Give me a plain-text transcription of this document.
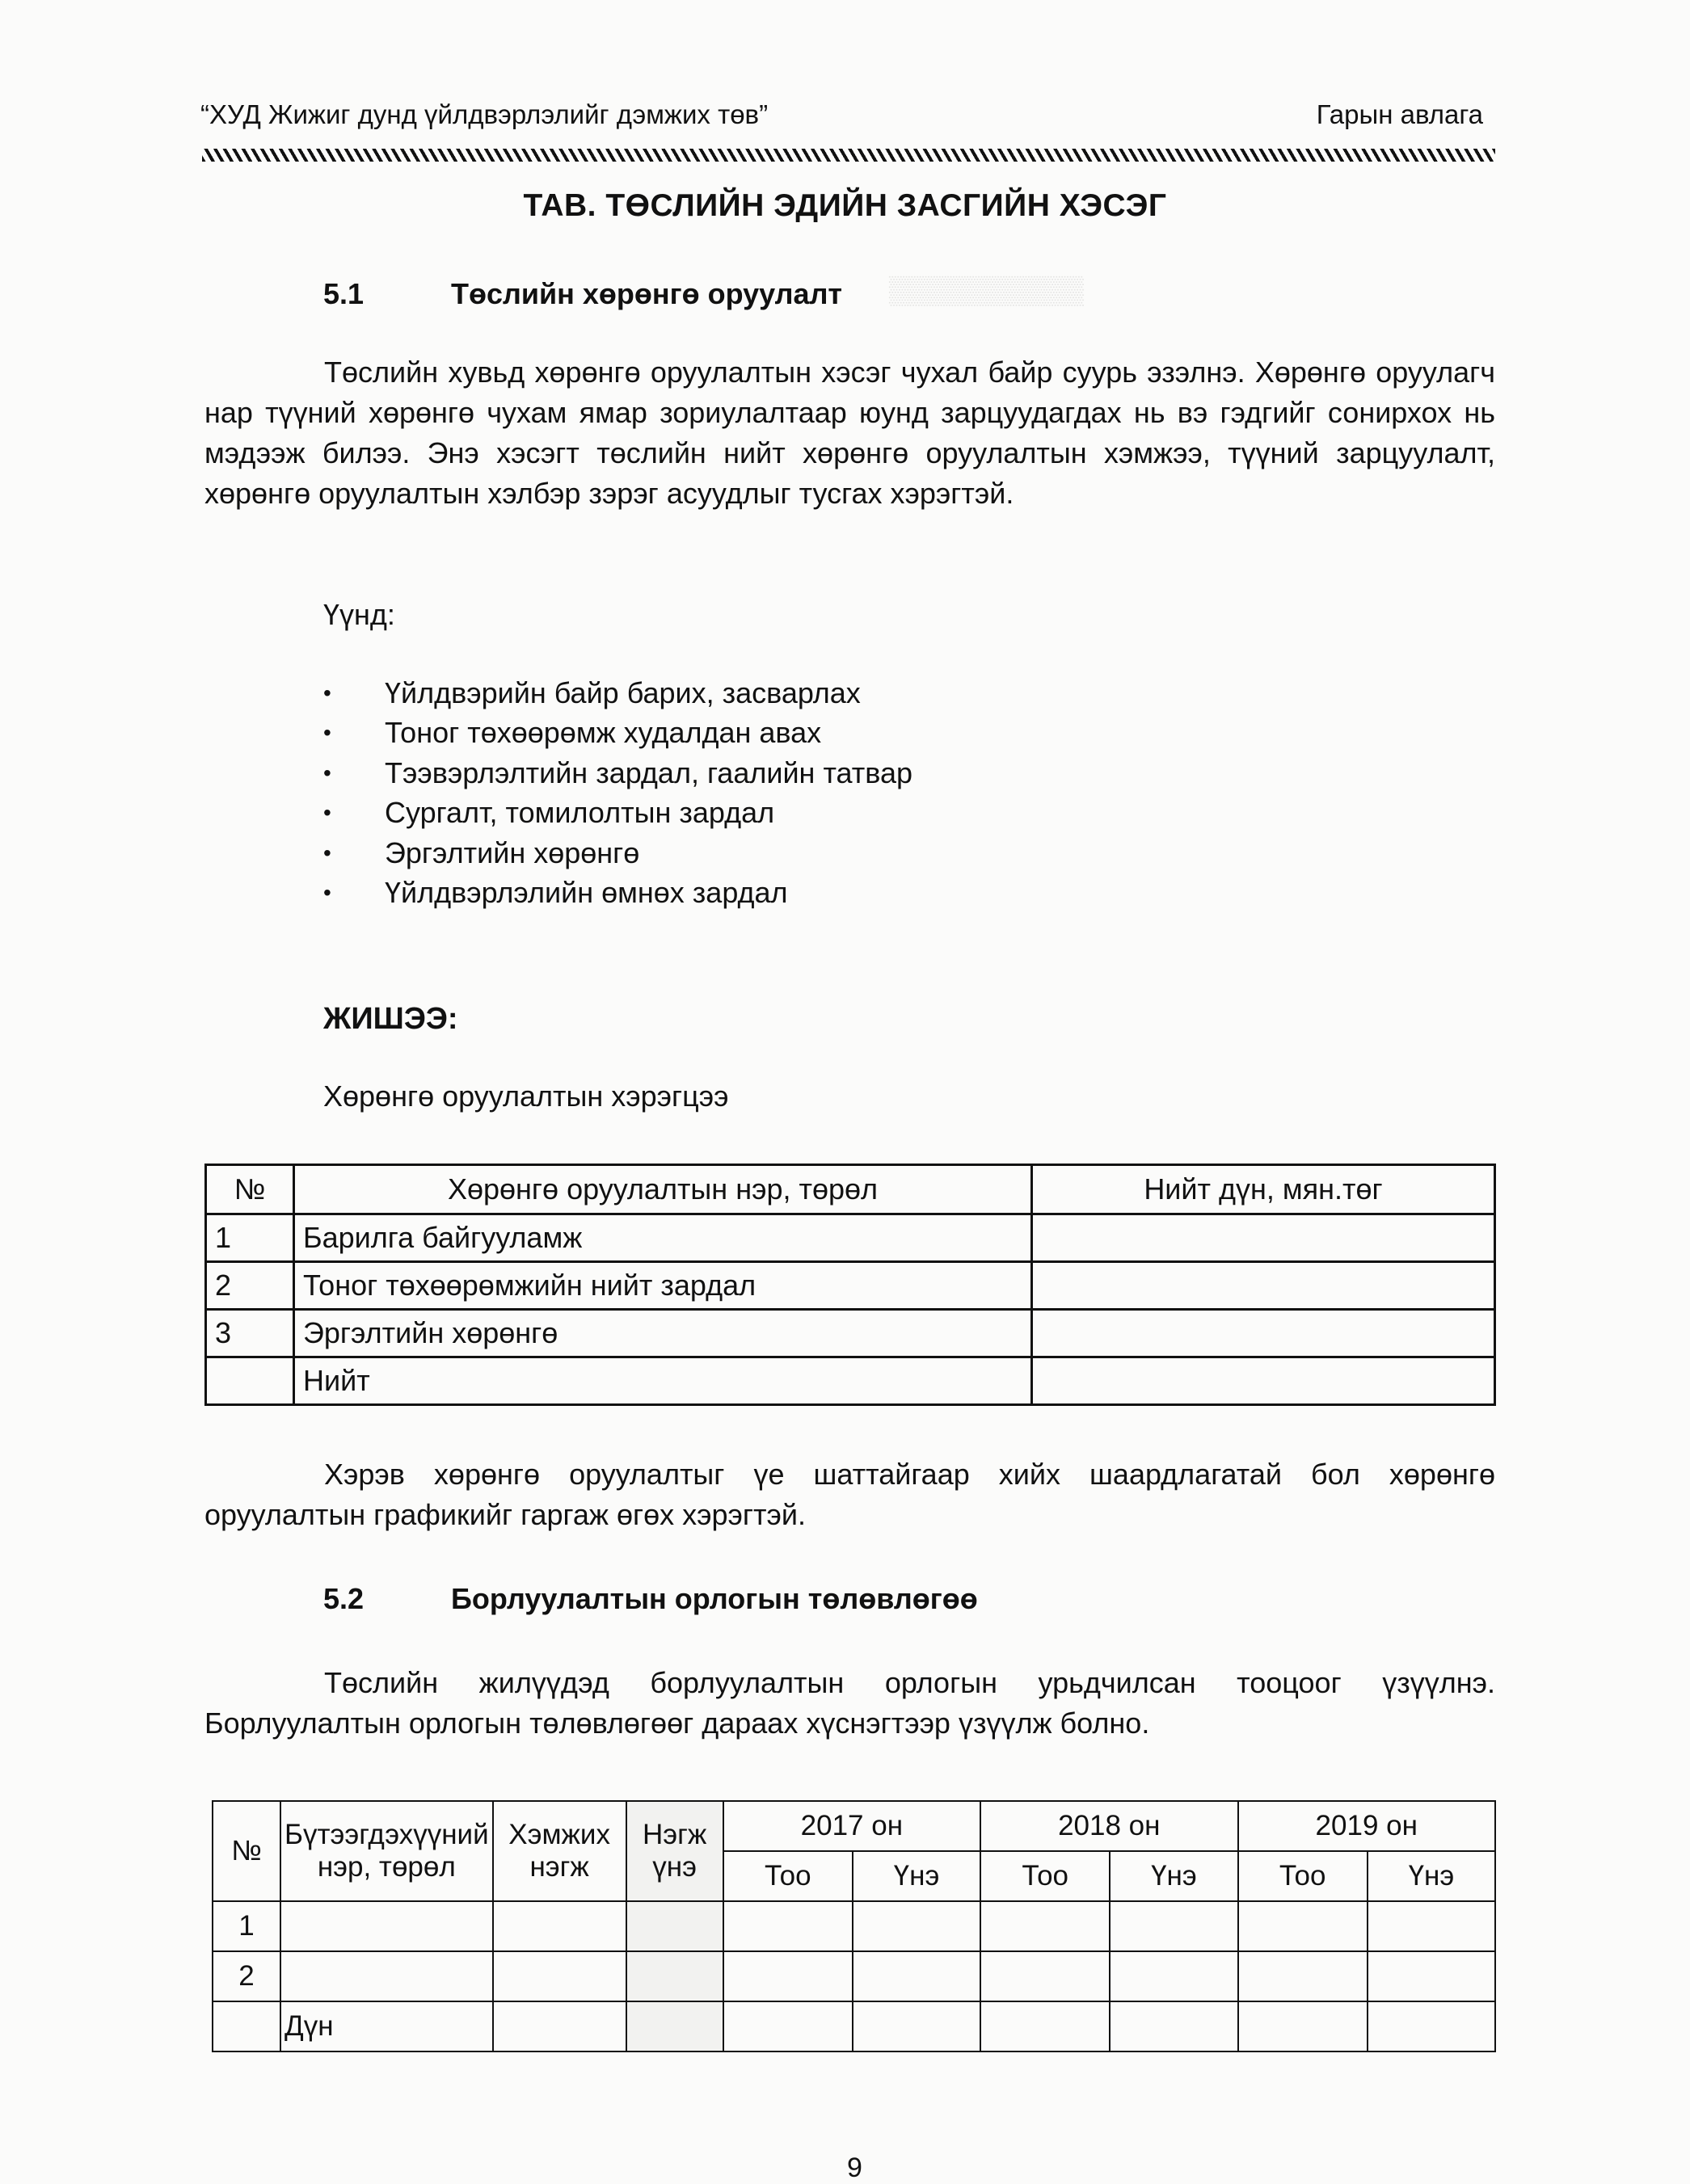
▒▒▒▒▒▒▒▒▒▒
“ХУД Жижиг дунд үйлдвэрлэлийг дэмжих төв”	Гарын авлага
ТАВ. ТӨСЛИЙН ЭДИЙН ЗАСГИЙН ХЭСЭГ
5.1	Төслийн хөрөнгө оруулалт
Төслийн хувьд хөрөнгө оруулалтын хэсэг чухал байр суурь эзэлнэ. Хөрөнгө оруулагч нар түүний хөрөнгө чухам ямар зориулалтаар юунд зарцуудагдах нь вэ гэдгийг сонирхох нь мэдээж билээ. Энэ хэсэгт төслийн нийт хөрөнгө оруулалтын хэмжээ, түүний зарцуулалт, хөрөнгө оруулалтын хэлбэр зэрэг асуудлыг тусгах хэрэгтэй.
Үүнд:
•	Үйлдвэрийн байр барих, засварлах
•	Тоног төхөөрөмж худалдан авах
•	Тээвэрлэлтийн зардал, гаалийн татвар
•	Сургалт, томилолтын зардал
•	Эргэлтийн хөрөнгө
•	Үйлдвэрлэлийн өмнөх зардал
ЖИШЭЭ:
Хөрөнгө оруулалтын хэрэгцээ
№	Хөрөнгө оруулалтын нэр, төрөл	Нийт дүн, мян.төг
1	Барилга байгууламж	
2	Тоног төхөөрөмжийн нийт зардал	
3	Эргэлтийн хөрөнгө	
	Нийт	
Хэрэв хөрөнгө оруулалтыг үе шаттайгаар хийх шаардлагатай бол хөрөнгө оруулалтын графикийг гаргаж өгөх хэрэгтэй.
5.2	Борлуулалтын орлогын төлөвлөгөө
Төслийн жилүүдэд борлуулалтын орлогын урьдчилсан тооцоог үзүүлнэ. Борлуулалтын орлогын төлөвлөгөөг дараах хүснэгтээр үзүүлж болно.
№	Бүтээгдэхүүний нэр, төрөл	Хэмжих нэгж	Нэгж үнэ	2017 он		2018 он		2019 он	
				Тоо	Үнэ	Тоо	Үнэ	Тоо	Үнэ
1									
2									
	Дүн								
9
